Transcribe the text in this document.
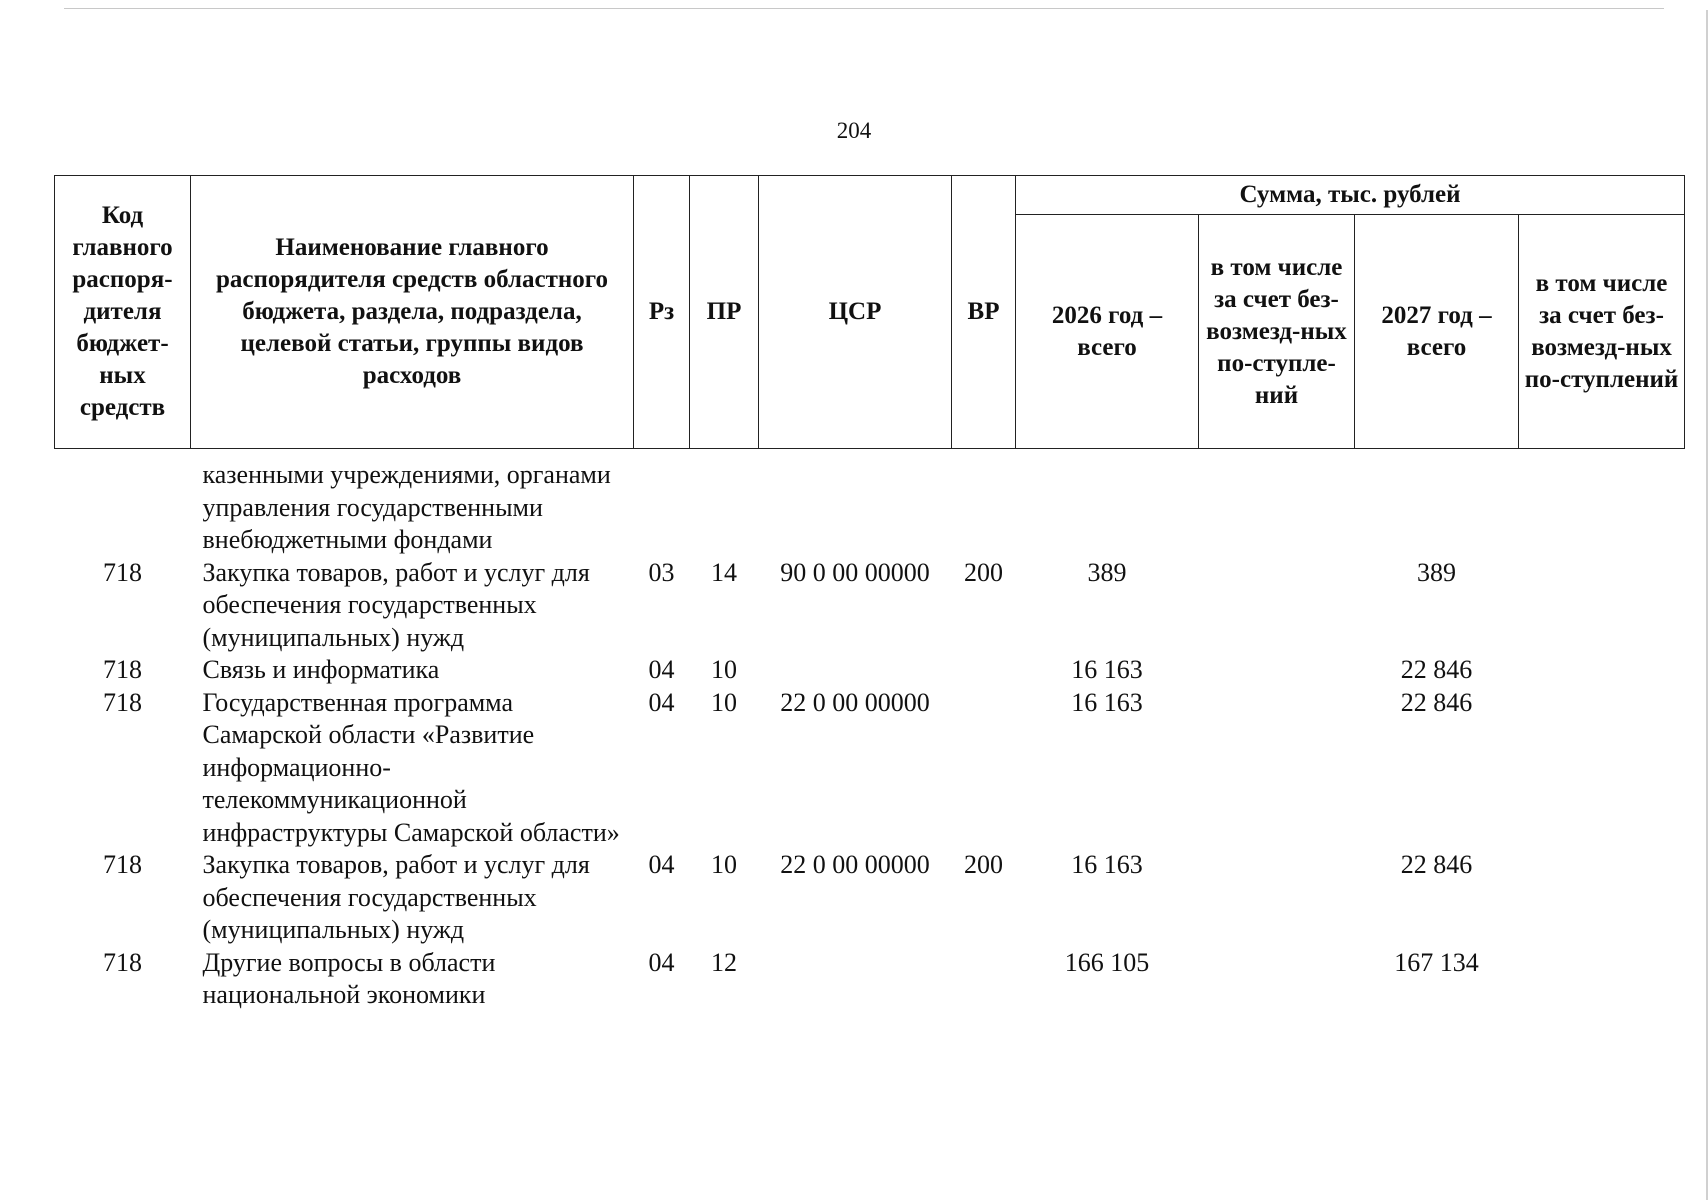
204
Код главного распоря-дителя бюджет-ных средств	Наименование главного распорядителя средств областного бюджета, раздела, подраздела, целевой статьи, группы видов расходов	Рз	ПР	ЦСР	ВР	Сумма, тыс. рублей			
						2026 год – всего	в том числе за счет без-возмезд-ных по-ступле-ний	2027 год – всего	в том числе за счет без-возмезд-ных по-ступлений
	казенными учреждениями, органами управления государственными внебюджетными фондами								
718	Закупка товаров, работ и услуг для обеспечения государственных (муниципальных) нужд	03	14	90 0 00 00000	200	389		389	
718	Связь и информатика	04	10			16 163		22 846	
718	Государственная программа Самарской области «Развитие информационно-телекоммуникационной инфраструктуры Самарской области»	04	10	22 0 00 00000		16 163		22 846	
718	Закупка товаров, работ и услуг для обеспечения государственных (муниципальных) нужд	04	10	22 0 00 00000	200	16 163		22 846	
718	Другие вопросы в области национальной экономики	04	12			166 105		167 134	
